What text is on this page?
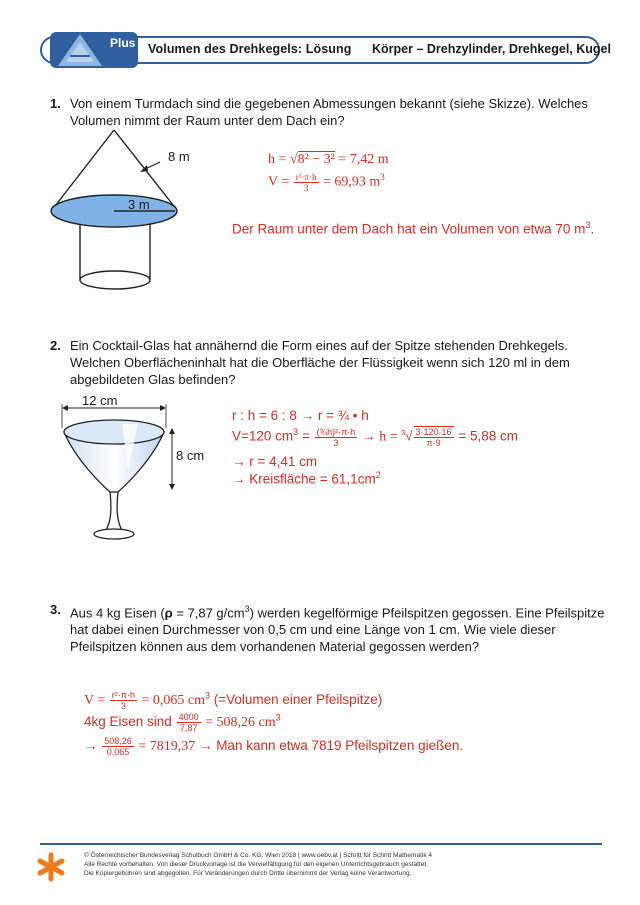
Plus Volumen des Drehkegels: Lösung Körper – Drehzylinder, Drehkegel, Kugel
1. Von einem Turmdach sind die gegebenen Abmessungen bekannt (siehe Skizze). Welches
Volumen nimmt der Raum unter dem Dach ein?
8 m
3 m
h = √8² − 3² = 7,42 m
$V = \frac{\text{r²·π·h}}{3} = 69,93$ $m^3$
Der Raum unter dem Dach hat ein Volumen von etwa 70 $m^3$.
2. Ein Cocktail-Glas hat annähernd die Form eines auf der Spitze stehenden Drehkegels.
Welchen Oberflächeninhalt hat die Oberfläche der Flüssigkeit wenn sich 120 ml in dem
abgebildeten Glas befinden?
12 cm
8 cm
r : h = 6 : 8 → r = ¾ • h
V=120 $cm^3 = \frac{\text{(¾h)²·π·h}}{3} \to h = ^3√ \frac{3\cdot 120\cdot 16}{\pi\cdot 9} = 5,88$ cm
→ r = 4,41 cm
→ Kreisfläche = $61,1cm^2$
3. Aus 4 kg Eisen (ρ = 7,87 $g/cm^3$) werden kegelförmige Pfeilspitzen gegossen. Eine Pfeilspitze
hat dabei einen Durchmesser von 0,5 cm und eine Länge von 1 cm. Wie viele dieser
Pfeilspitzen können aus dem vorhandenen Material gegossen werden?
$V = \frac{\text{r²·π·h}}{3} = 0,065$ $cm^3$ (=Volumen einer Pfeilspitze)
4kg Eisen sind $\frac{4000}{7,87} = 508,26$ $cm^3$
→ $\frac{508,26}{0,065} = 7819,37$ → Man kann etwa 7819 Pfeilspitzen gießen.
© Österreichischer Bundesverlag Schulbuch GmbH & Co. KG, Wien 2018 | www.oebv.at | Schritt für Schritt Mathematik 4
Alle Rechte vorbehalten. Von dieser Druckvorlage ist die Vervielfältigung für den eigenen Unterrichtsgebrauch gestattet.
Die Kopiergebühren sind abgegolten. Für Veränderungen durch Dritte übernimmt der Verlag keine Verantwortung.
